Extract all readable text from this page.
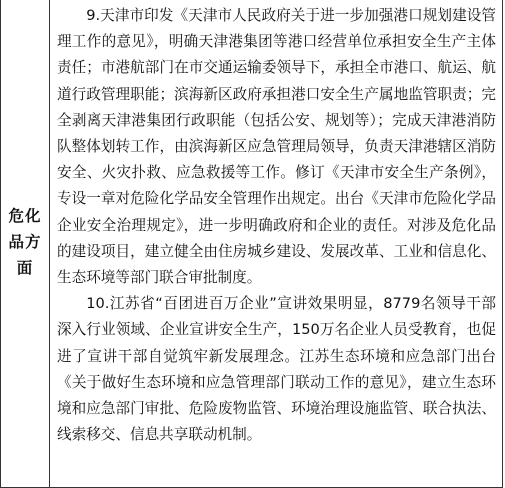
危化品方面

9.天津市印发《天津市人民政府关于进一步加强港口规划建设管理工作的意见》，明确天津港集团等港口经营单位承担安全生产主体责任；市港航部门在市交通运输委领导下，承担全市港口、航运、航道行政管理职能；滨海新区政府承担港口安全生产属地监管职责；完全剥离天津港集团行政职能（包括公安、规划等）；完成天津港消防队整体划转工作，由滨海新区应急管理局领导，负责天津港辖区消防安全、火灾扑救、应急救援等工作。修订《天津市安全生产条例》，专设一章对危险化学品安全管理作出规定。出台《天津市危险化学品企业安全治理规定》，进一步明确政府和企业的责任。对涉及危化品的建设项目，建立健全由住房城乡建设、发展改革、工业和信息化、生态环境等部门联合审批制度。

10.江苏省“百团进百万企业”宣讲效果明显，8779名领导干部深入行业领域、企业宣讲安全生产，150万名企业人员受教育，也促进了宣讲干部自觉筑牢新发展理念。江苏生态环境和应急部门出台《关于做好生态环境和应急管理部门联动工作的意见》，建立生态环境和应急部门审批、危险废物监管、环境治理设施监管、联合执法、线索移交、信息共享联动机制。
